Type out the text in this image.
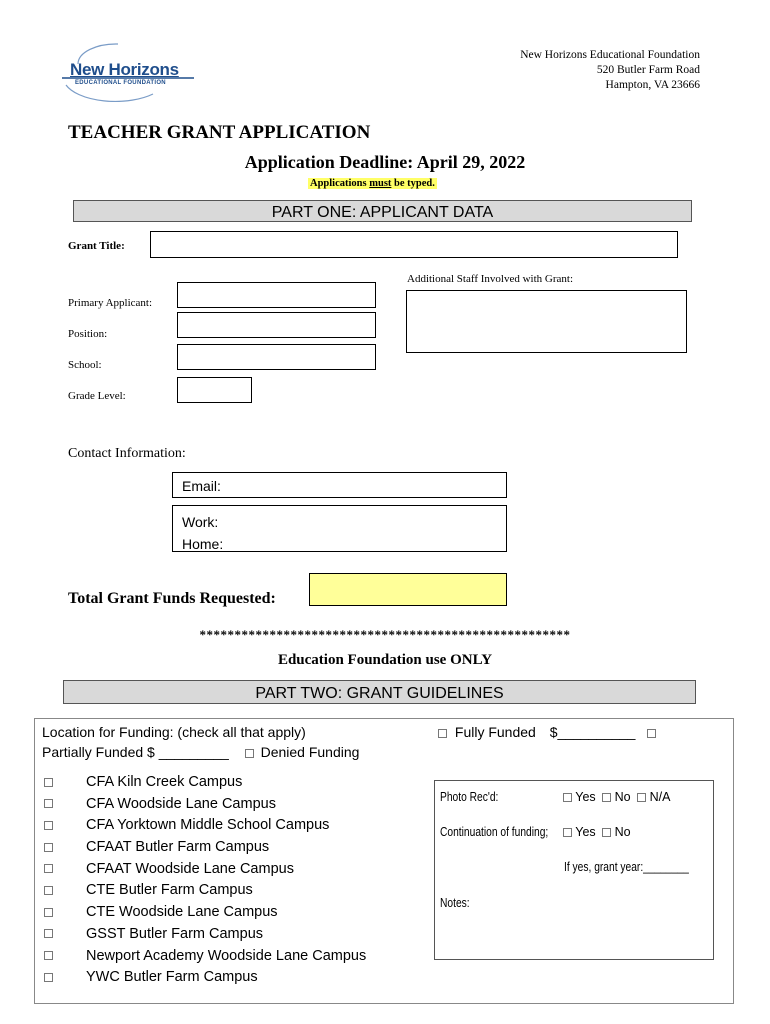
New Horizons
EDUCATIONAL FOUNDATION
New Horizons Educational Foundation
520 Butler Farm Road
Hampton, VA 23666
TEACHER GRANT APPLICATION
Application Deadline: April 29, 2022
Applications must be typed.
PART ONE: APPLICANT DATA
Grant Title:
Additional Staff Involved with Grant:
Primary Applicant:
Position:
School:
Grade Level:
Contact Information:
Email:
Work:
Home:
Total Grant Funds Requested:
*****************************************************
Education Foundation use ONLY
PART TWO: GRANT GUIDELINES
Location for Funding: (check all that apply)	Fully Funded $__________
Partially Funded $ _________ Denied Funding
CFA Kiln Creek Campus
CFA Woodside Lane Campus
CFA Yorktown Middle School Campus
CFAAT Butler Farm Campus
CFAAT Woodside Lane Campus
CTE Butler Farm Campus
CTE Woodside Lane Campus
GSST Butler Farm Campus
Newport Academy Woodside Lane Campus
YWC Butler Farm Campus
Photo Rec'd:	Yes No N/A
Continuation of funding;	Yes No
If yes, grant year:________
Notes:
